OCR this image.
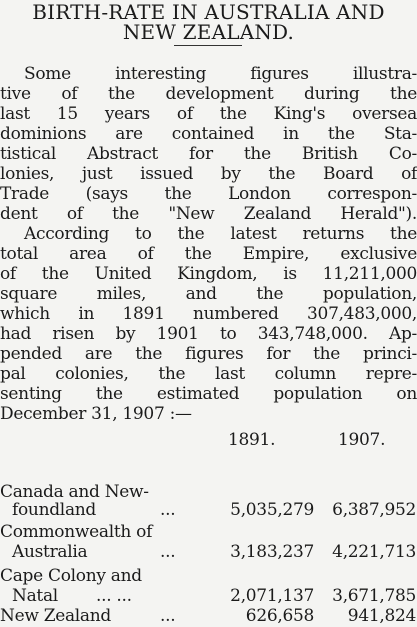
BIRTH-RATE IN AUSTRALIA AND
NEW ZEALAND.
Some interesting figures illustra-
tive of the development during the
last 15 years of the King's oversea
dominions are contained in the Sta-
tistical Abstract for the British Co-
lonies, just issued by the Board of
Trade (says the London correspon-
dent of the "New Zealand Herald").
According to the latest returns the
total area of the Empire, exclusive
of the United Kingdom, is 11,211,000
square miles, and the population,
which in 1891 numbered 307,483,000,
had risen by 1901 to 343,748,000. Ap-
pended are the figures for the princi-
pal colonies, the last column repre-
senting the estimated population on
December 31, 1907 :—
1891.	1907.
Canada and New-
foundland	...	5,035,279	6,387,952
Commonwealth of
Australia	...	3,183,237	4,221,713
Cape Colony and
Natal ... ...	2,071,137	3,671,785
New Zealand	...	626,658	941,824
